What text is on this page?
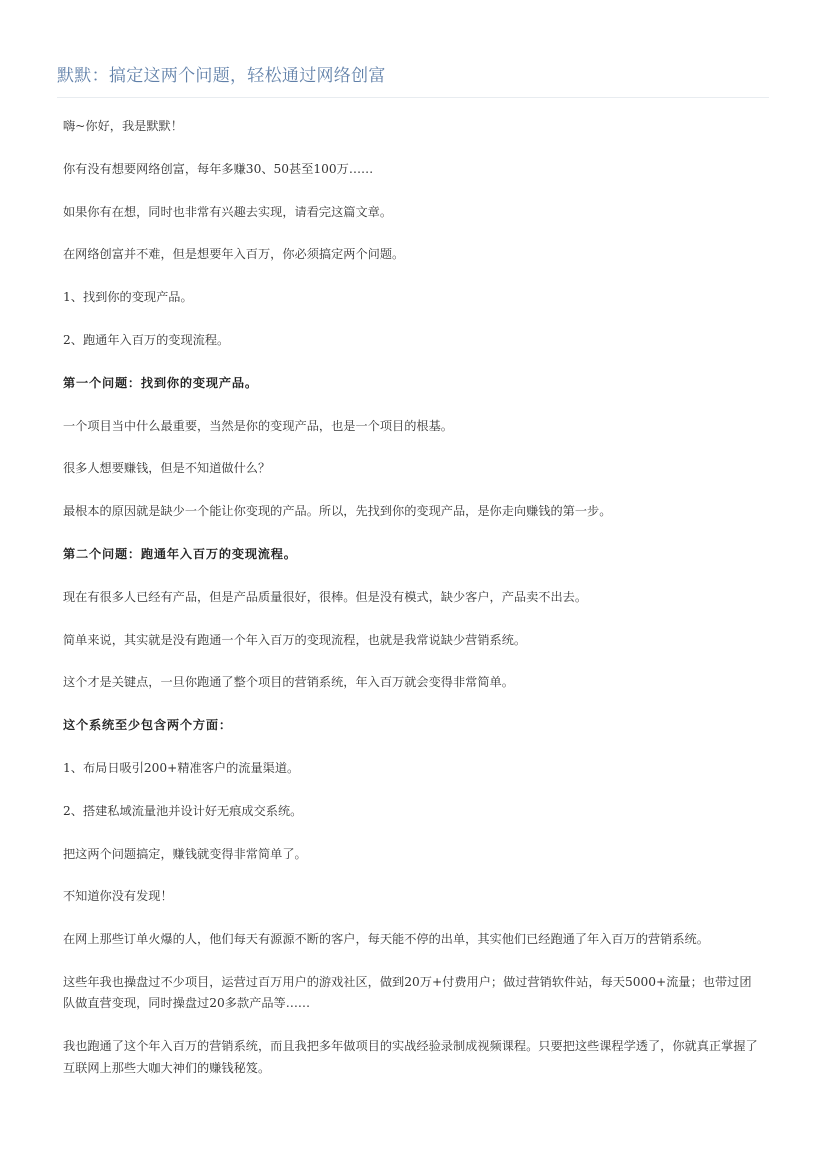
默默：搞定这两个问题，轻松通过网络创富

嗨~你好，我是默默！

你有没有想要网络创富，每年多赚30、50甚至100万……

如果你有在想，同时也非常有兴趣去实现，请看完这篇文章。

在网络创富并不难，但是想要年入百万，你必须搞定两个问题。

1、找到你的变现产品。

2、跑通年入百万的变现流程。

第一个问题：找到你的变现产品。

一个项目当中什么最重要，当然是你的变现产品，也是一个项目的根基。

很多人想要赚钱，但是不知道做什么？

最根本的原因就是缺少一个能让你变现的产品。所以，先找到你的变现产品，是你走向赚钱的第一步。

第二个问题：跑通年入百万的变现流程。

现在有很多人已经有产品，但是产品质量很好，很棒。但是没有模式，缺少客户，产品卖不出去。

简单来说，其实就是没有跑通一个年入百万的变现流程，也就是我常说缺少营销系统。

这个才是关键点，一旦你跑通了整个项目的营销系统，年入百万就会变得非常简单。

这个系统至少包含两个方面：

1、布局日吸引200+精准客户的流量渠道。

2、搭建私域流量池并设计好无痕成交系统。

把这两个问题搞定，赚钱就变得非常简单了。

不知道你没有发现！

在网上那些订单火爆的人，他们每天有源源不断的客户，每天能不停的出单，其实他们已经跑通了年入百万的营销系统。

这些年我也操盘过不少项目，运营过百万用户的游戏社区，做到20万+付费用户；做过营销软件站，每天5000+流量；也带过团队做直营变现，同时操盘过20多款产品等……

我也跑通了这个年入百万的营销系统，而且我把多年做项目的实战经验录制成视频课程。只要把这些课程学透了，你就真正掌握了互联网上那些大咖大神们的赚钱秘笈。
